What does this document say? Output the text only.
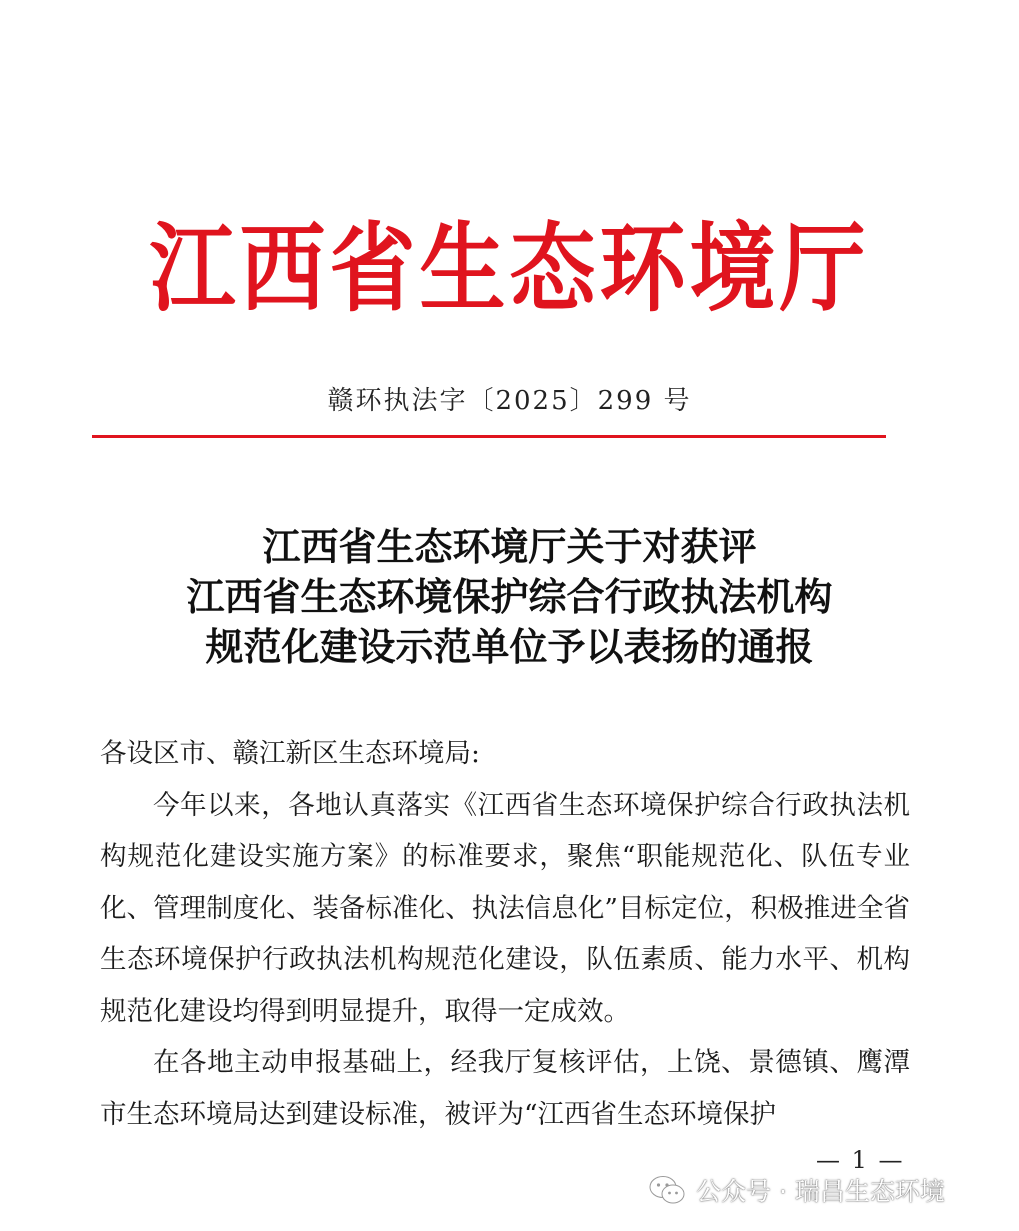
江西省生态环境厅
赣环执法字〔2025〕299 号
江西省生态环境厅关于对获评
江西省生态环境保护综合行政执法机构
规范化建设示范单位予以表扬的通报

各设区市、赣江新区生态环境局:

今年以来，各地认真落实《江西省生态环境保护综合行政执法机构规范化建设实施方案》的标准要求，聚焦“职能规范化、队伍专业化、管理制度化、装备标准化、执法信息化”目标定位，积极推进全省生态环境保护行政执法机构规范化建设，队伍素质、能力水平、机构规范化建设均得到明显提升，取得一定成效。

在各地主动申报基础上，经我厅复核评估，上饶、景德镇、鹰潭市生态环境局达到建设标准，被评为“江西省生态环境保护

— 1 —
公众号 · 瑞昌生态环境
